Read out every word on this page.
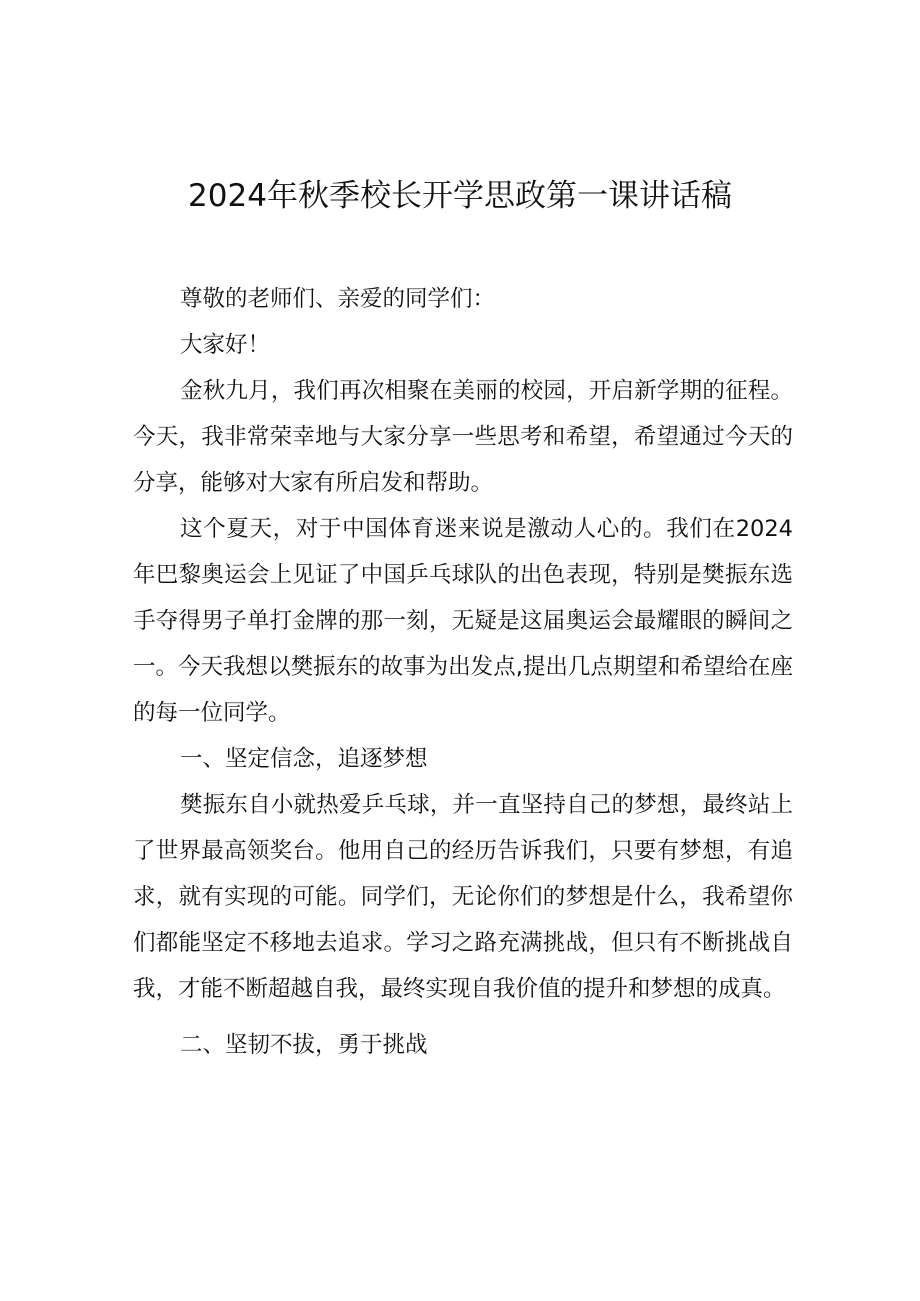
2024年秋季校长开学思政第一课讲话稿

尊敬的老师们、亲爱的同学们：

大家好！

金秋九月，我们再次相聚在美丽的校园，开启新学期的征程。今天，我非常荣幸地与大家分享一些思考和希望，希望通过今天的分享，能够对大家有所启发和帮助。

这个夏天，对于中国体育迷来说是激动人心的。我们在2024年巴黎奥运会上见证了中国乒乓球队的出色表现，特别是樊振东选手夺得男子单打金牌的那一刻，无疑是这届奥运会最耀眼的瞬间之一。今天我想以樊振东的故事为出发点,提出几点期望和希望给在座的每一位同学。

一、坚定信念，追逐梦想

樊振东自小就热爱乒乓球，并一直坚持自己的梦想，最终站上了世界最高领奖台。他用自己的经历告诉我们，只要有梦想，有追求，就有实现的可能。同学们，无论你们的梦想是什么，我希望你们都能坚定不移地去追求。学习之路充满挑战，但只有不断挑战自我，才能不断超越自我，最终实现自我价值的提升和梦想的成真。

二、坚韧不拔，勇于挑战
